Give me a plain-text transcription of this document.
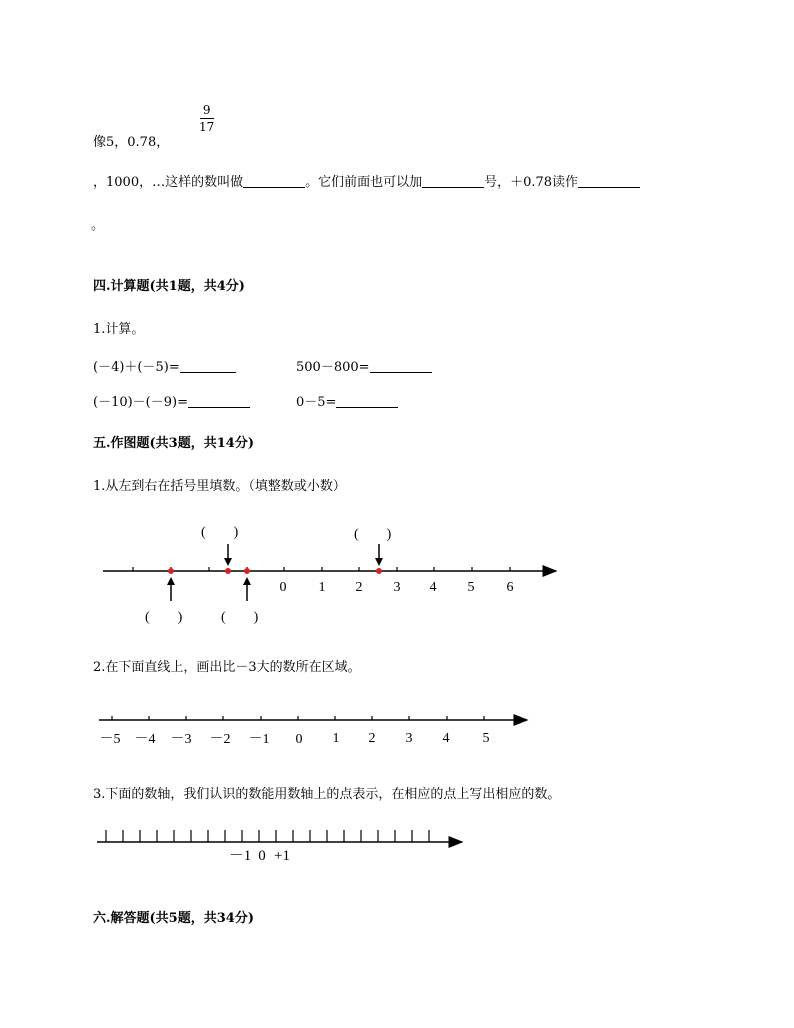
9
17
像5，0.78，
，1000，…这样的数叫做	。它们前面也可以加	号，＋0.78读作
。
四.计算题(共1题，共4分)
1.计算。
(－4)＋(－5)=	500－800=
(－10)－(－9)=	0－5=
五.作图题(共3题，共14分)
1.从左到右在括号里填数。（填整数或小数）
0 1 2 3 4 5 6
(　　)	(　　)
(　　)	(　　)
2.在下面直线上，画出比－3大的数所在区域。
－5 －4 －3 －2 －1 0 1 2 3 4 5
3.下面的数轴，我们认识的数能用数轴上的点表示，在相应的点上写出相应的数。
－1 0 +1
六.解答题(共5题，共34分)
